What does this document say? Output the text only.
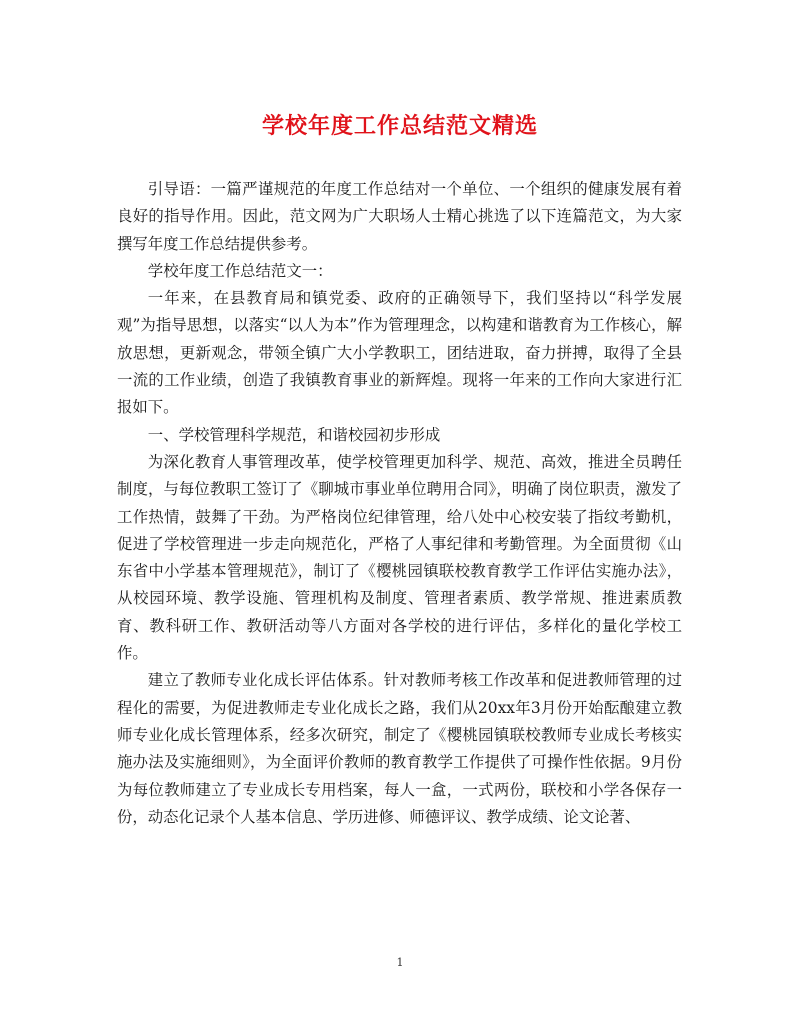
学校年度工作总结范文精选

引导语：一篇严谨规范的年度工作总结对一个单位、一个组织的健康发展有着良好的指导作用。因此，范文网为广大职场人士精心挑选了以下连篇范文，为大家撰写年度工作总结提供参考。

学校年度工作总结范文一：

一年来，在县教育局和镇党委、政府的正确领导下，我们坚持以“科学发展观”为指导思想，以落实“以人为本”作为管理理念，以构建和谐教育为工作核心，解放思想，更新观念，带领全镇广大小学教职工，团结进取，奋力拼搏，取得了全县一流的工作业绩，创造了我镇教育事业的新辉煌。现将一年来的工作向大家进行汇报如下。

一、学校管理科学规范，和谐校园初步形成

为深化教育人事管理改革，使学校管理更加科学、规范、高效，推进全员聘任制度，与每位教职工签订了《聊城市事业单位聘用合同》，明确了岗位职责，激发了工作热情，鼓舞了干劲。为严格岗位纪律管理，给八处中心校安装了指纹考勤机，促进了学校管理进一步走向规范化，严格了人事纪律和考勤管理。为全面贯彻《山东省中小学基本管理规范》，制订了《樱桃园镇联校教育教学工作评估实施办法》，从校园环境、教学设施、管理机构及制度、管理者素质、教学常规、推进素质教育、教科研工作、教研活动等八方面对各学校的进行评估，多样化的量化学校工作。

建立了教师专业化成长评估体系。针对教师考核工作改革和促进教师管理的过程化的需要，为促进教师走专业化成长之路，我们从20xx年3月份开始酝酿建立教师专业化成长管理体系，经多次研究，制定了《樱桃园镇联校教师专业成长考核实施办法及实施细则》，为全面评价教师的教育教学工作提供了可操作性依据。9月份为每位教师建立了专业成长专用档案，每人一盒，一式两份，联校和小学各保存一份，动态化记录个人基本信息、学历进修、师德评议、教学成绩、论文论著、

1
